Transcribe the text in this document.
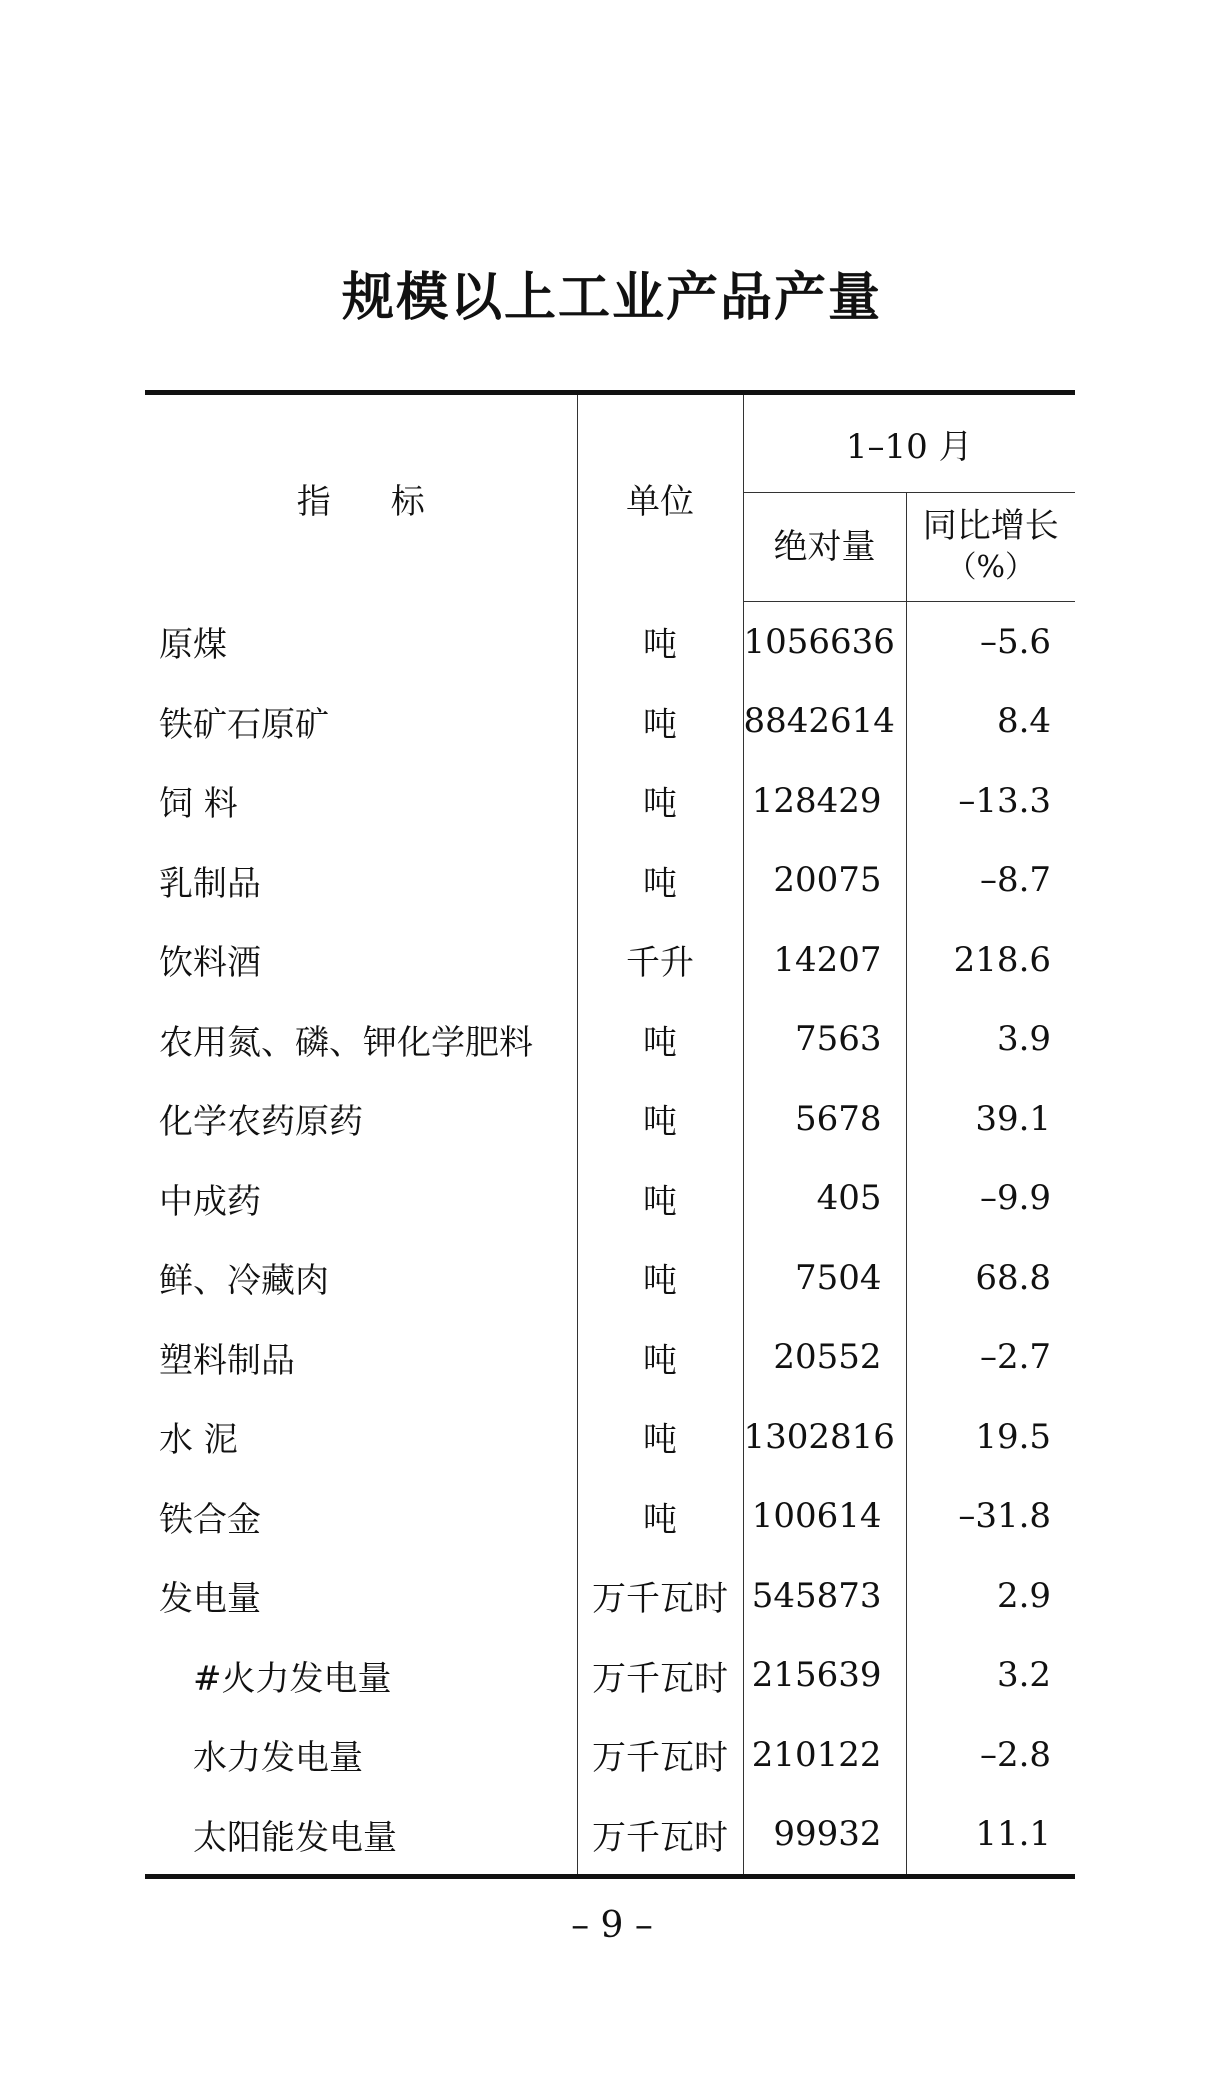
规模以上工业产品产量
指标	单位	1–10 月	
		绝对量	同比增长
（%）

原煤	吨	1056636	–5.6
铁矿石原矿	吨	8842614	8.4
饲 料	吨	128429	–13.3
乳制品	吨	20075	–8.7
饮料酒	千升	14207	218.6
农用氮、磷、钾化学肥料	吨	7563	3.9
化学农药原药	吨	5678	39.1
中成药	吨	405	–9.9
鲜、冷藏肉	吨	7504	68.8
塑料制品	吨	20552	–2.7
水 泥	吨	1302816	19.5
铁合金	吨	100614	–31.8
发电量	万千瓦时	545873	2.9
#火力发电量	万千瓦时	215639	3.2
水力发电量	万千瓦时	210122	–2.8
太阳能发电量	万千瓦时	99932	11.1
– 9 –
